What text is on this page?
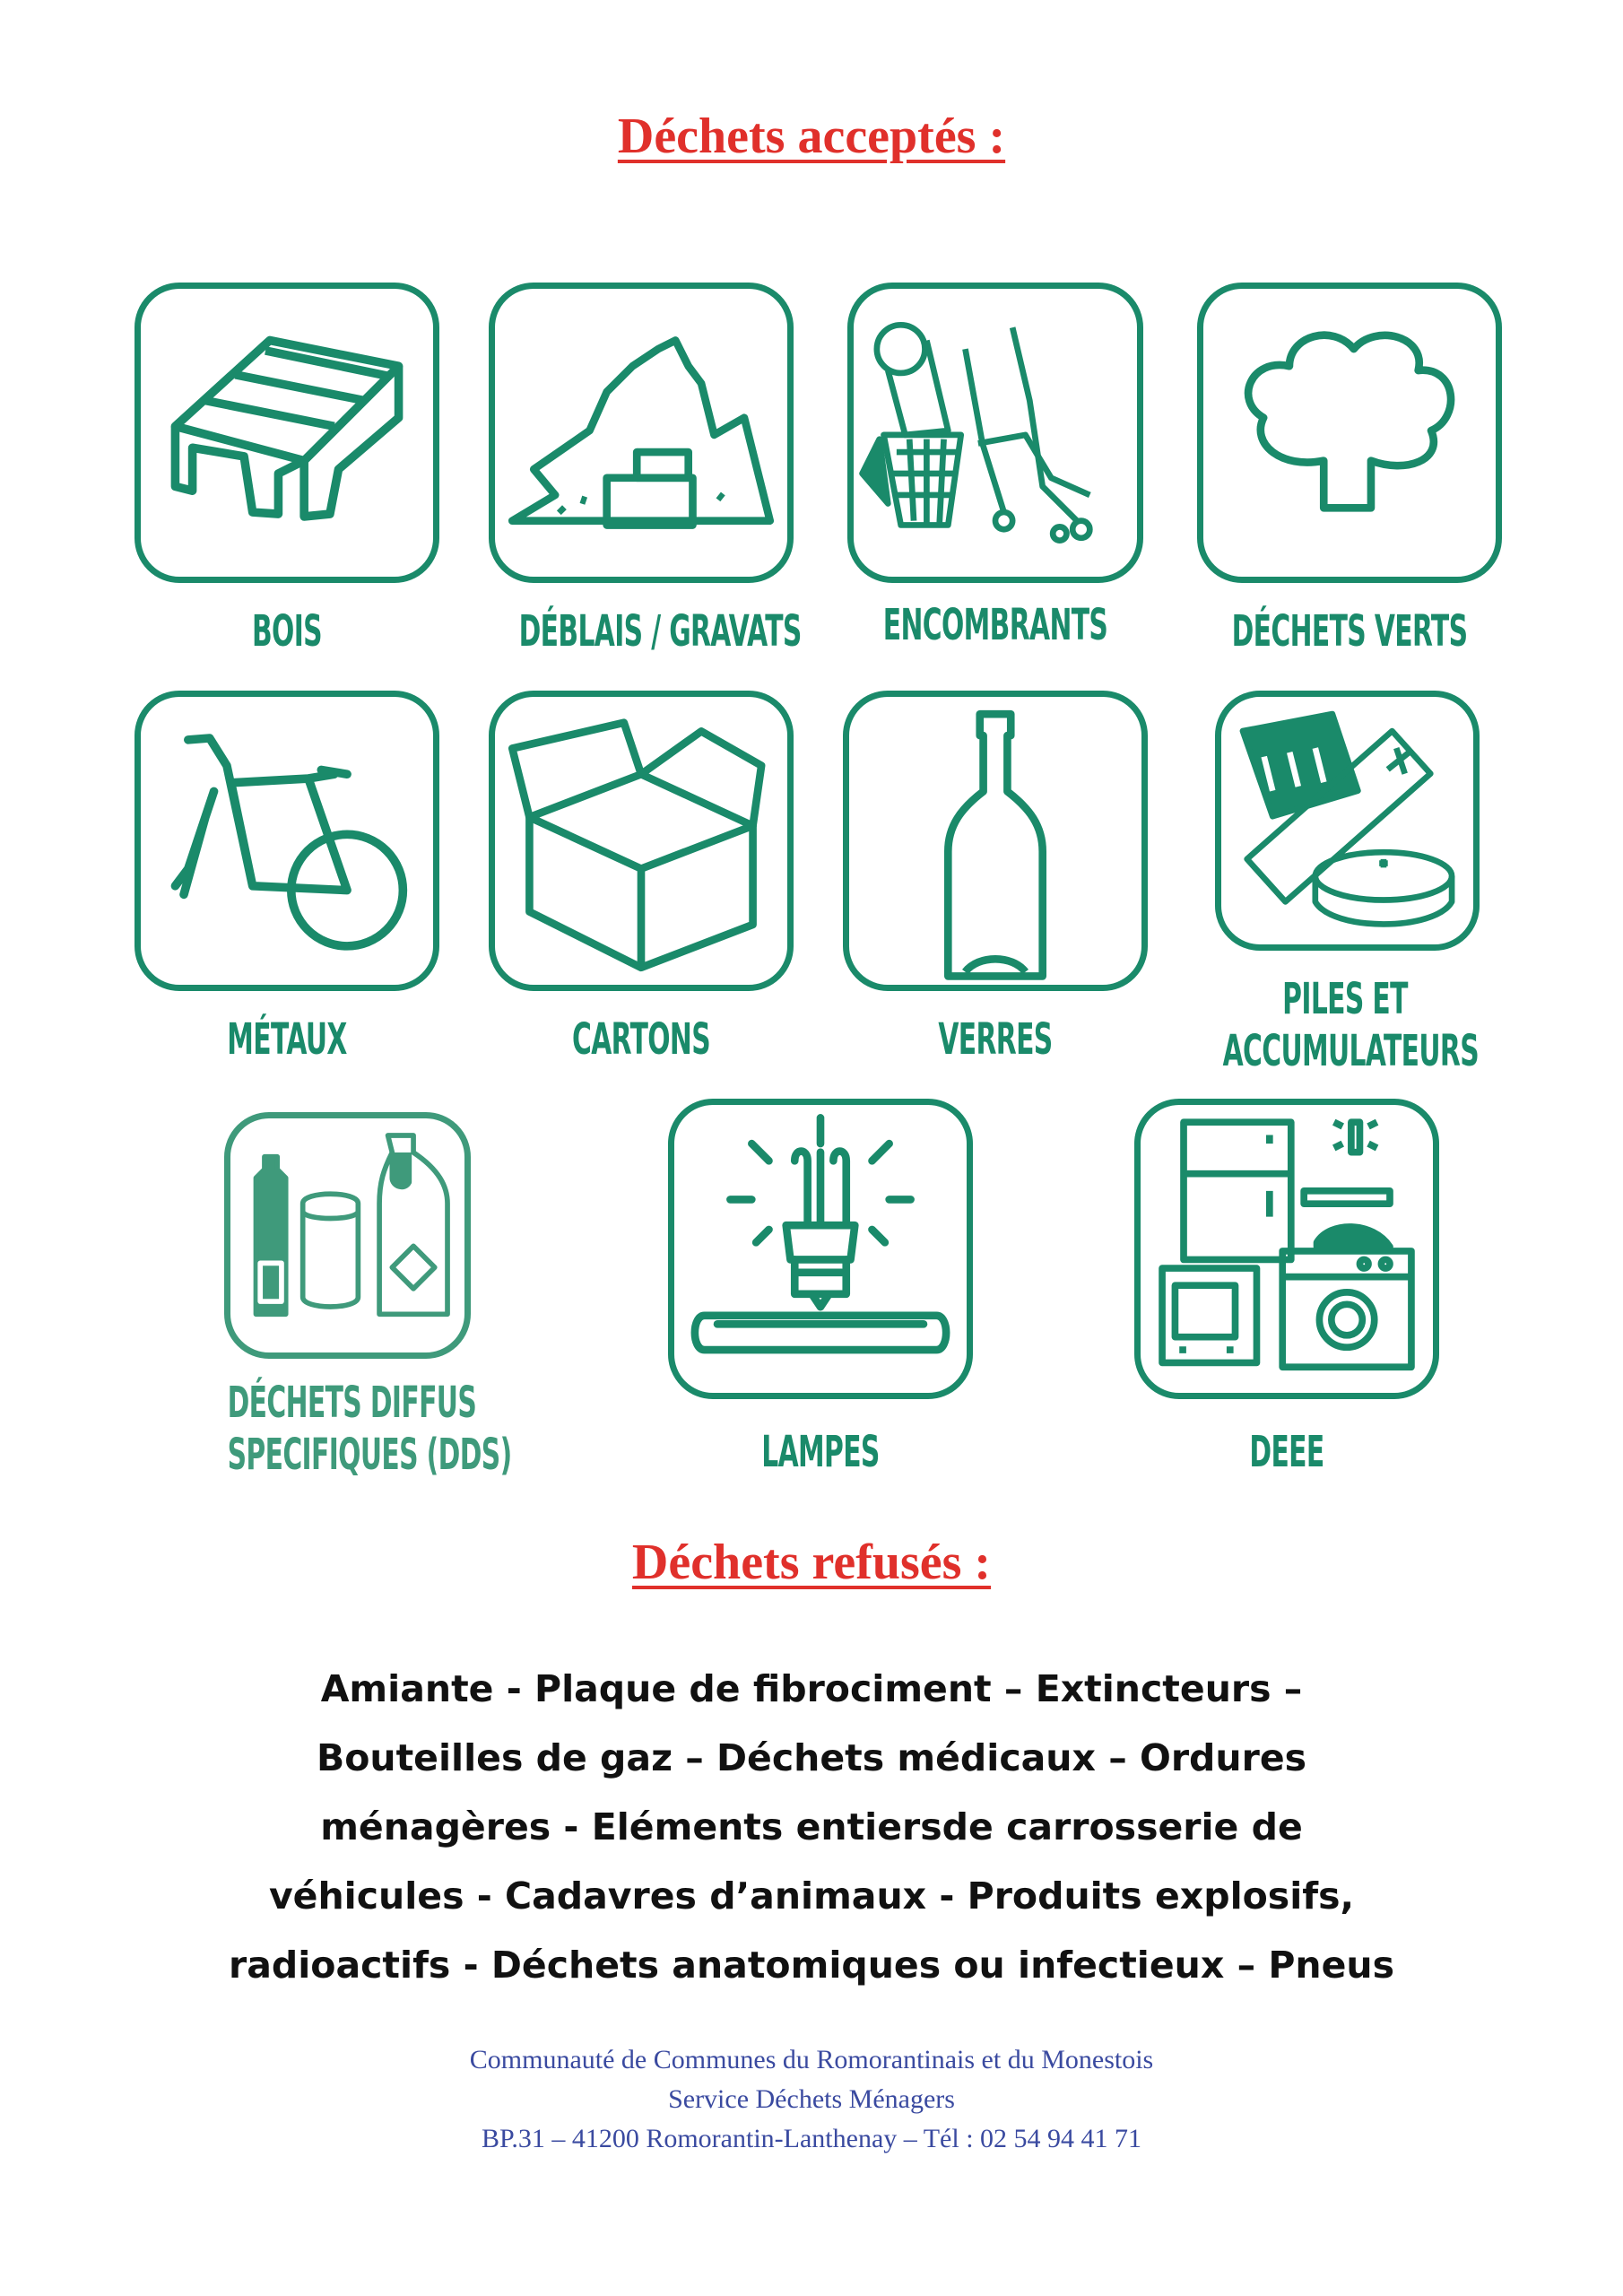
Déchets acceptés :
BOIS	DÉBLAIS / GRAVATS ENCOMBRANTS	DÉCHETS VERTS
MÉTAUX	CARTONS	VERRES
PILES ET
ACCUMULATEURS
DÉCHETS DIFFUS
SPECIFIQUES (DDS)	LAMPES	DEEE
Déchets refusés :
Amiante - Plaque de fibrociment – Extincteurs –
Bouteilles de gaz – Déchets médicaux – Ordures
ménagères - Eléments entiersde carrosserie de
véhicules - Cadavres d’animaux - Produits explosifs,
radioactifs - Déchets anatomiques ou infectieux – Pneus
Communauté de Communes du Romorantinais et du Monestois
Service Déchets Ménagers
BP.31 – 41200 Romorantin-Lanthenay – Tél : 02 54 94 41 71
